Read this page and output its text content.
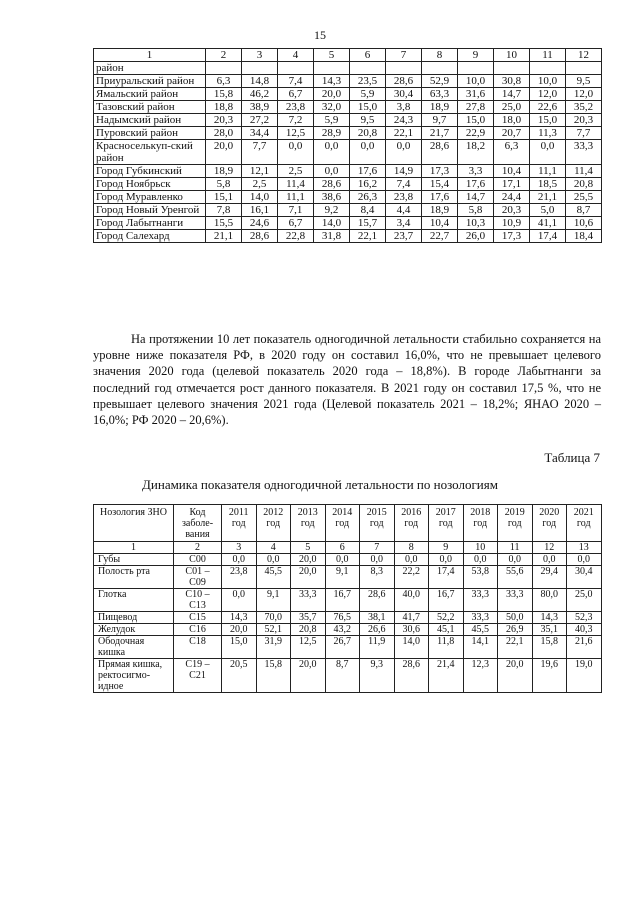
15
1	2	3	4	5	6	7	8	9	10	11	12
район											
Приуральский район	6,3	14,8	7,4	14,3	23,5	28,6	52,9	10,0	30,8	10,0	9,5
Ямальский район	15,8	46,2	6,7	20,0	5,9	30,4	63,3	31,6	14,7	12,0	12,0
Тазовский район	18,8	38,9	23,8	32,0	15,0	3,8	18,9	27,8	25,0	22,6	35,2
Надымский район	20,3	27,2	7,2	5,9	9,5	24,3	9,7	15,0	18,0	15,0	20,3
Пуровский район	28,0	34,4	12,5	28,9	20,8	22,1	21,7	22,9	20,7	11,3	7,7
Красноселькуп-ский район	20,0	7,7	0,0	0,0	0,0	0,0	28,6	18,2	6,3	0,0	33,3
Город Губкинский	18,9	12,1	2,5	0,0	17,6	14,9	17,3	3,3	10,4	11,1	11,4
Город Ноябрьск	5,8	2,5	11,4	28,6	16,2	7,4	15,4	17,6	17,1	18,5	20,8
Город Муравленко	15,1	14,0	11,1	38,6	26,3	23,8	17,6	14,7	24,4	21,1	25,5
Город Новый Уренгой	7,8	16,1	7,1	9,2	8,4	4,4	18,9	5,8	20,3	5,0	8,7
Город Лабытнанги	15,5	24,6	6,7	14,0	15,7	3,4	10,4	10,3	10,9	41,1	10,6
Город Салехард	21,1	28,6	22,8	31,8	22,1	23,7	22,7	26,0	17,3	17,4	18,4

На протяжении 10 лет показатель одногодичной летальности стабильно сохраняется на уровне ниже показателя РФ, в 2020 году он составил 16,0%, что не превышает целевого значения 2020 года (целевой показатель 2020 года – 18,8%). В городе Лабытнанги за последний год отмечается рост данного показателя. В 2021 году он составил 17,5 %, что не превышает целевого значения 2021 года (Целевой показатель 2021 – 18,2%; ЯНАО 2020 – 16,0%; РФ 2020 – 20,6%).

Таблица 7
Динамика показателя одногодичной летальности по нозологиям
Нозология ЗНО	Код заболе-вания	2011 год	2012 год	2013 год	2014 год	2015 год	2016 год	2017 год	2018 год	2019 год	2020 год	2021 год
1	2	3	4	5	6	7	8	9	10	11	12	13
Губы	C00	0,0	0,0	20,0	0,0	0,0	0,0	0,0	0,0	0,0	0,0	0,0
Полость рта	C01 – C09	23,8	45,5	20,0	9,1	8,3	22,2	17,4	53,8	55,6	29,4	30,4
Глотка	C10 – C13	0,0	9,1	33,3	16,7	28,6	40,0	16,7	33,3	33,3	80,0	25,0
Пищевод	C15	14,3	70,0	35,7	76,5	38,1	41,7	52,2	33,3	50,0	14,3	52,3
Желудок	C16	20,0	52,1	20,8	43,2	26,6	30,6	45,1	45,5	26,9	35,1	40,3
Ободочная кишка	C18	15,0	31,9	12,5	26,7	11,9	14,0	11,8	14,1	22,1	15,8	21,6
Прямая кишка, ректосигмо-идное	C19 – C21	20,5	15,8	20,0	8,7	9,3	28,6	21,4	12,3	20,0	19,6	19,0
